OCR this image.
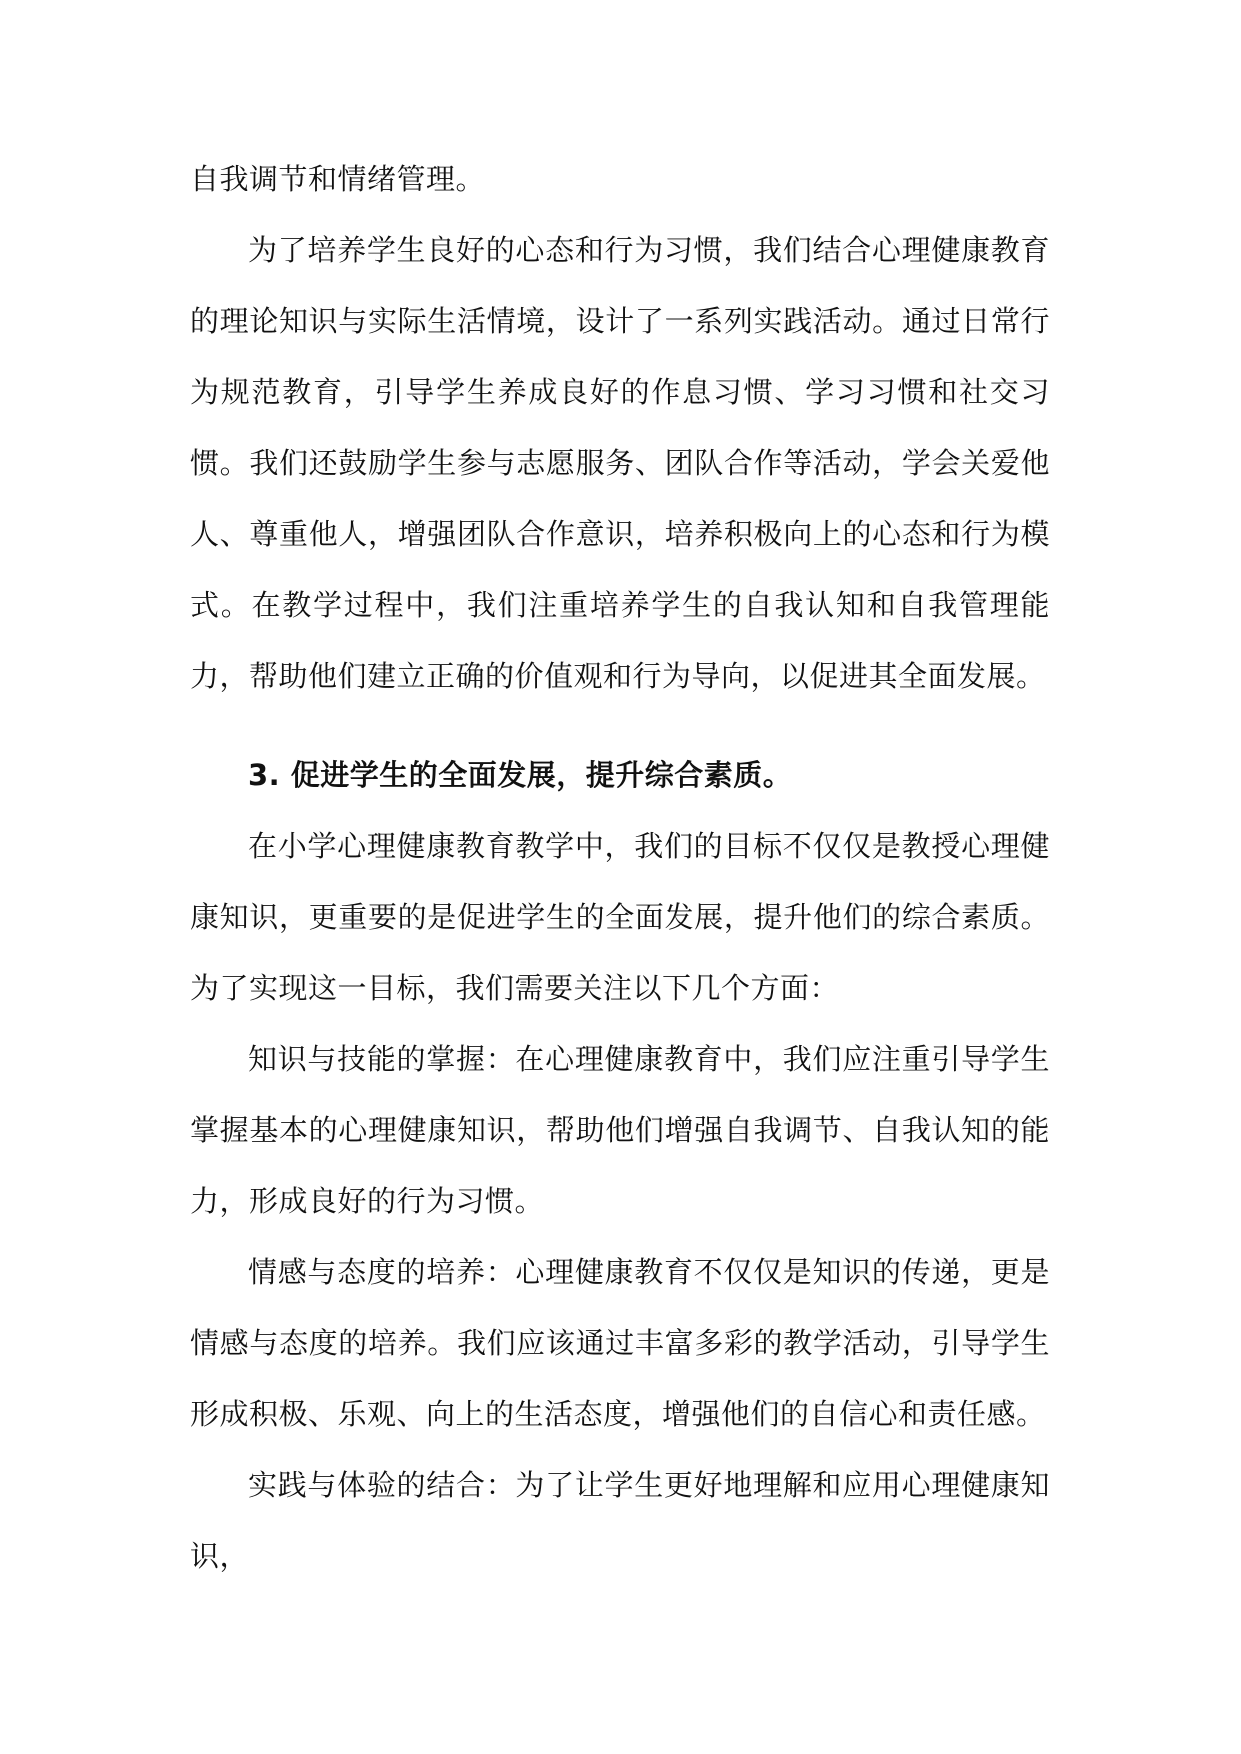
自我调节和情绪管理。

为了培养学生良好的心态和行为习惯，我们结合心理健康教育的理论知识与实际生活情境，设计了一系列实践活动。通过日常行为规范教育，引导学生养成良好的作息习惯、学习习惯和社交习惯。我们还鼓励学生参与志愿服务、团队合作等活动，学会关爱他人、尊重他人，增强团队合作意识，培养积极向上的心态和行为模式。在教学过程中，我们注重培养学生的自我认知和自我管理能力，帮助他们建立正确的价值观和行为导向，以促进其全面发展。

3. 促进学生的全面发展，提升综合素质。

在小学心理健康教育教学中，我们的目标不仅仅是教授心理健康知识，更重要的是促进学生的全面发展，提升他们的综合素质。为了实现这一目标，我们需要关注以下几个方面：

知识与技能的掌握：在心理健康教育中，我们应注重引导学生掌握基本的心理健康知识，帮助他们增强自我调节、自我认知的能力，形成良好的行为习惯。

情感与态度的培养：心理健康教育不仅仅是知识的传递，更是情感与态度的培养。我们应该通过丰富多彩的教学活动，引导学生形成积极、乐观、向上的生活态度，增强他们的自信心和责任感。

实践与体验的结合：为了让学生更好地理解和应用心理健康知识，
